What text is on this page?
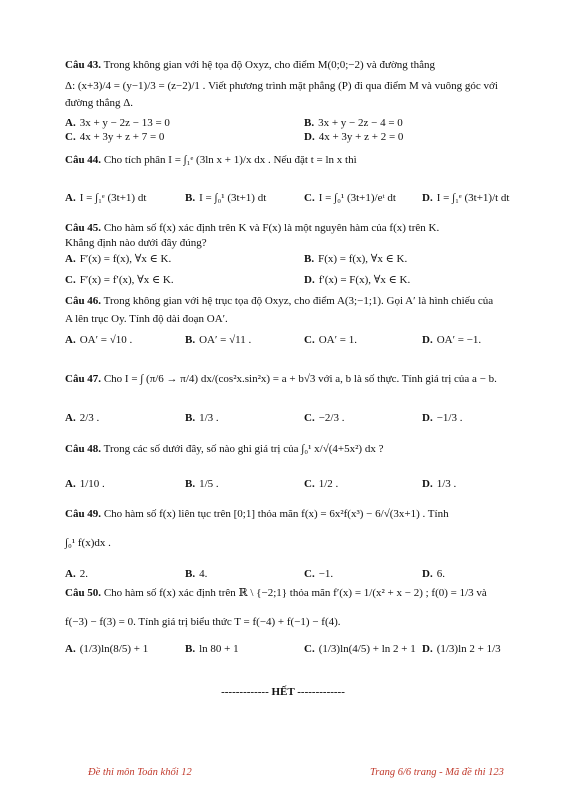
Câu 43. Trong không gian với hệ tọa độ Oxyz, cho điểm M(0;0;−2) và đường thẳng
Δ: (x+3)/4 = (y−1)/3 = (z−2)/1 . Viết phương trình mặt phẳng (P) đi qua điểm M và vuông góc với
đường thẳng Δ.
A. 3x + y − 2z − 13 = 0	B. 3x + y − 2z − 4 = 0
C. 4x + 3y + z + 7 = 0	D. 4x + 3y + z + 2 = 0
Câu 44. Cho tích phân I = ∫₁ᵉ (3ln x + 1)/x dx . Nếu đặt t = ln x thì
A. I = ∫₁ᵉ (3t+1) dt	B. I = ∫₀¹ (3t+1) dt	C. I = ∫₀¹ (3t+1)/eᵗ dt D. I = ∫₁ᵉ (3t+1)/t dt
Câu 45. Cho hàm số f(x) xác định trên K và F(x) là một nguyên hàm của f(x) trên K.
Khẳng định nào dưới đây đúng?
A. F′(x) = f(x), ∀x ∈ K.	B. F(x) = f(x), ∀x ∈ K.
C. F′(x) = f′(x), ∀x ∈ K.	D. f′(x) = F(x), ∀x ∈ K.
Câu 46. Trong không gian với hệ trục tọa độ Oxyz, cho điểm A(3;−1;1). Gọi A′ là hình chiếu của
A lên trục Oy. Tính độ dài đoạn OA′.
A. OA′ = √10 .	B. OA′ = √11 .	C. OA′ = 1.	D. OA′ = −1.
Câu 47. Cho I = ∫ (π/6 → π/4) dx/(cos²x.sin²x) = a + b√3 với a, b là số thực. Tính giá trị của a − b.
A. 2/3 .	B. 1/3 .	C. −2/3 .	D. −1/3 .
Câu 48. Trong các số dưới đây, số nào ghi giá trị của ∫₀¹ x/√(4+5x²) dx ?
A. 1/10 .	B. 1/5 .	C. 1/2 .	D. 1/3 .
Câu 49. Cho hàm số f(x) liên tục trên [0;1] thỏa mãn f(x) = 6x²f(x³) − 6/√(3x+1) . Tính
∫₀¹ f(x)dx .
A. 2.	B. 4.	C. −1.	D. 6.
Câu 50. Cho hàm số f(x) xác định trên ℝ \ {−2;1} thỏa mãn f′(x) = 1/(x² + x − 2) ; f(0) = 1/3 và
f(−3) − f(3) = 0. Tính giá trị biểu thức T = f(−4) + f(−1) − f(4).
A. (1/3)ln(8/5) + 1	B. ln 80 + 1	C. (1/3)ln(4/5) + ln 2 + 1 D. (1/3)ln 2 + 1/3
------------- HẾT -------------
Đề thi môn Toán khối 12	Trang 6/6 trang - Mã đề thi 123
